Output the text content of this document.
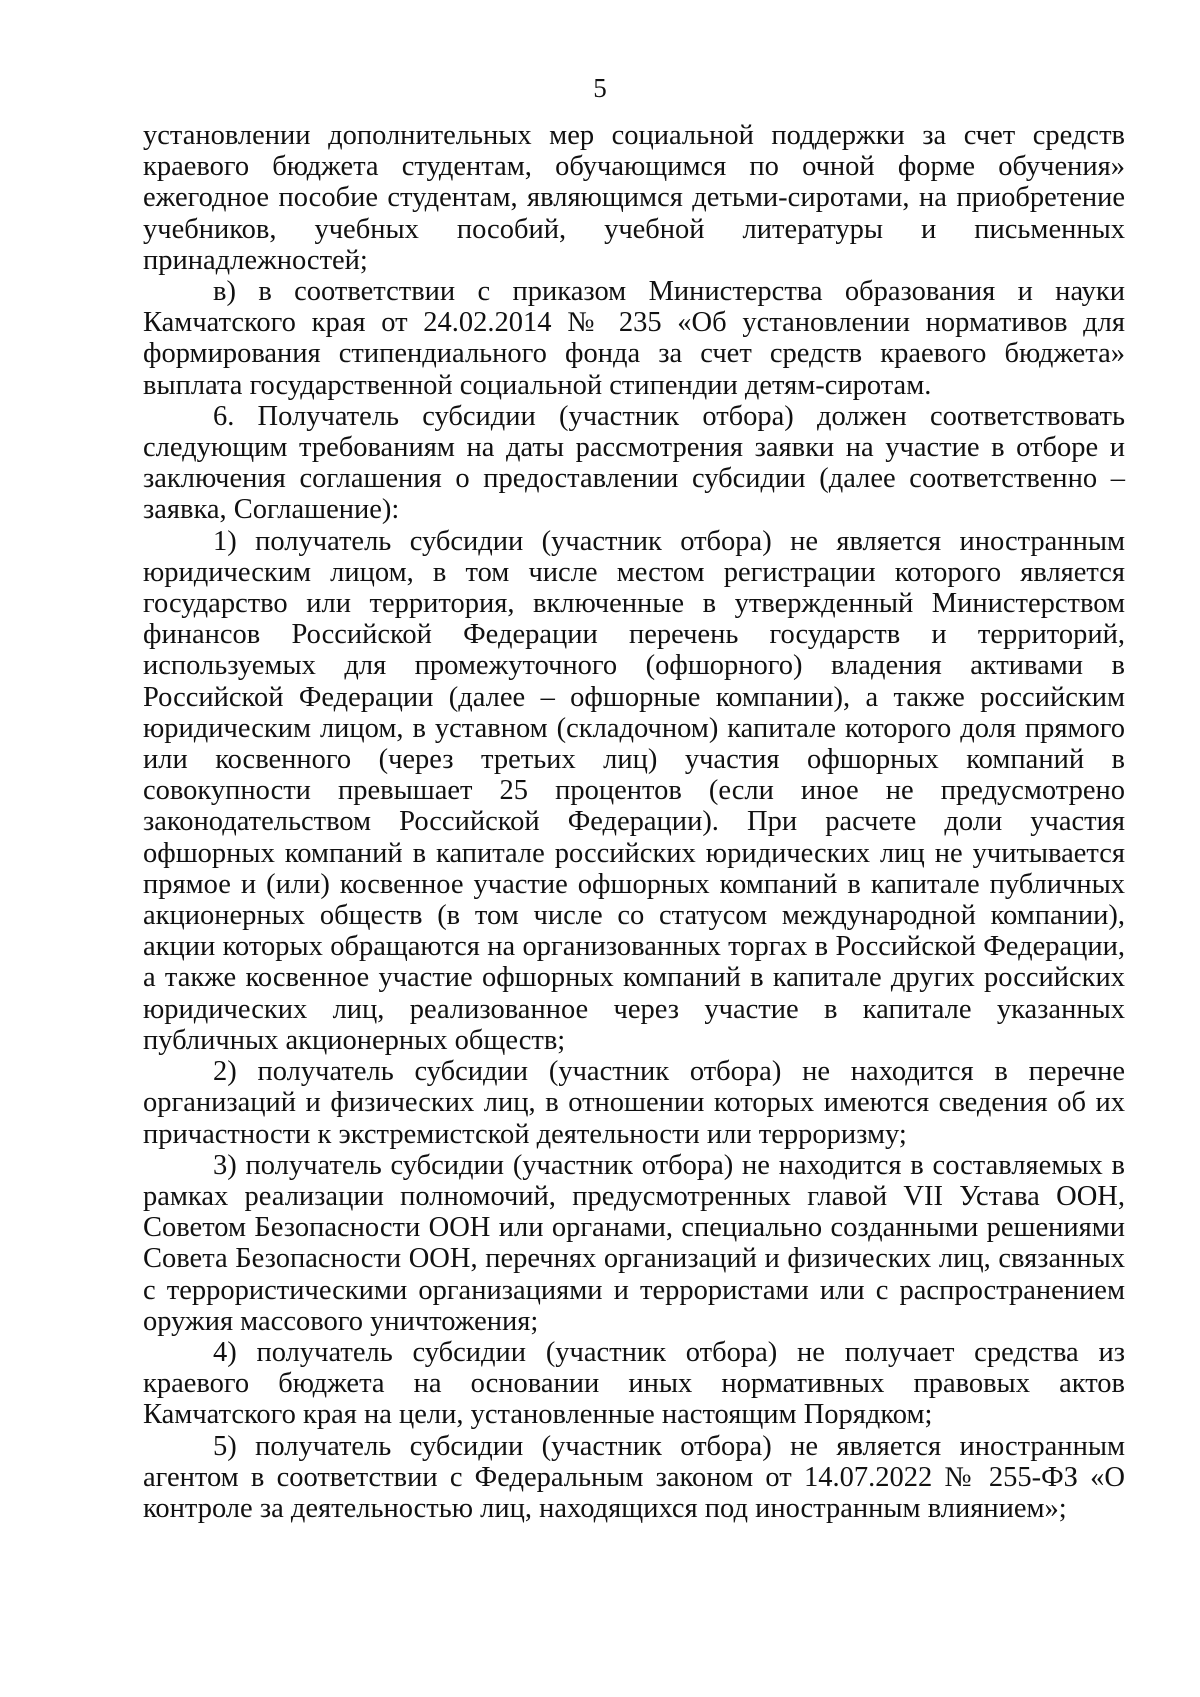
5

установлении дополнительных мер социальной поддержки за счет средств краевого бюджета студентам, обучающимся по очной форме обучения» ежегодное пособие студентам, являющимся детьми-сиротами, на приобретение учебников, учебных пособий, учебной литературы и письменных принадлежностей;

в) в соответствии с приказом Министерства образования и науки Камчатского края от 24.02.2014 № 235 «Об установлении нормативов для формирования стипендиального фонда за счет средств краевого бюджета» выплата государственной социальной стипендии детям-сиротам.

6. Получатель субсидии (участник отбора) должен соответствовать следующим требованиям на даты рассмотрения заявки на участие в отборе и заключения соглашения о предоставлении субсидии (далее соответственно – заявка, Соглашение):

1) получатель субсидии (участник отбора) не является иностранным юридическим лицом, в том числе местом регистрации которого является государство или территория, включенные в утвержденный Министерством финансов Российской Федерации перечень государств и территорий, используемых для промежуточного (офшорного) владения активами в Российской Федерации (далее – офшорные компании), а также российским юридическим лицом, в уставном (складочном) капитале которого доля прямого или косвенного (через третьих лиц) участия офшорных компаний в совокупности превышает 25 процентов (если иное не предусмотрено законодательством Российской Федерации). При расчете доли участия офшорных компаний в капитале российских юридических лиц не учитывается прямое и (или) косвенное участие офшорных компаний в капитале публичных акционерных обществ (в том числе со статусом международной компании), акции которых обращаются на организованных торгах в Российской Федерации, а также косвенное участие офшорных компаний в капитале других российских юридических лиц, реализованное через участие в капитале указанных публичных акционерных обществ;

2) получатель субсидии (участник отбора) не находится в перечне организаций и физических лиц, в отношении которых имеются сведения об их причастности к экстремистской деятельности или терроризму;

3) получатель субсидии (участник отбора) не находится в составляемых в рамках реализации полномочий, предусмотренных главой VII Устава ООН, Советом Безопасности ООН или органами, специально созданными решениями Совета Безопасности ООН, перечнях организаций и физических лиц, связанных с террористическими организациями и террористами или с распространением оружия массового уничтожения;

4) получатель субсидии (участник отбора) не получает средства из краевого бюджета на основании иных нормативных правовых актов Камчатского края на цели, установленные настоящим Порядком;

5) получатель субсидии (участник отбора) не является иностранным агентом в соответствии с Федеральным законом от 14.07.2022 № 255-ФЗ «О контроле за деятельностью лиц, находящихся под иностранным влиянием»;
